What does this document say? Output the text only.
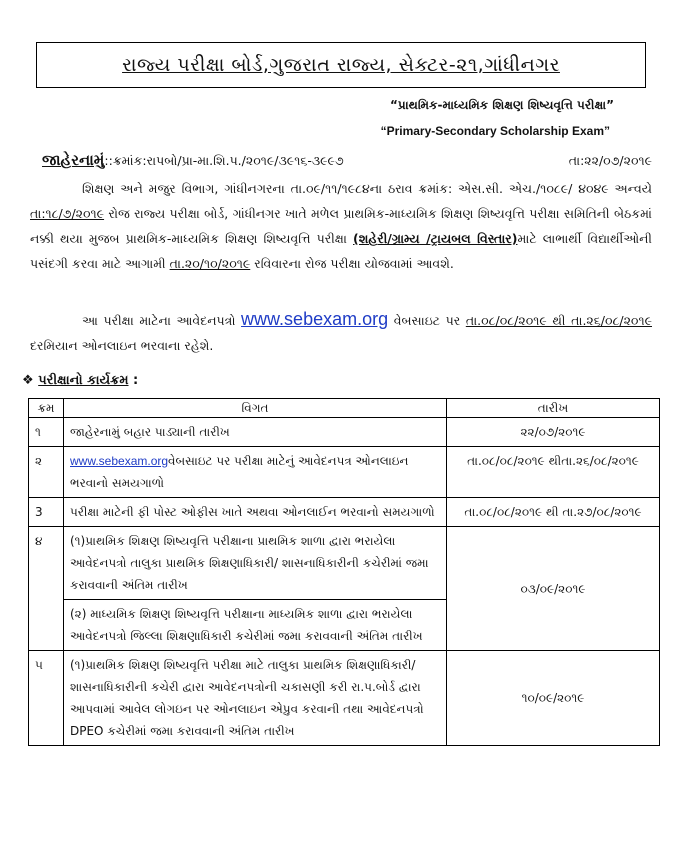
રાજ્ય પરીક્ષા બોર્ડ,ગુજરાત રાજ્ય, સેક્ટર-૨૧,ગાંધીનગર
“પ્રાથમિક-માધ્યમિક શિક્ષણ શિષ્યવૃત્તિ પરીક્ષા”
“Primary-Secondary Scholarship Exam”
જાહેરનામું::ક્રમાંક:રાપબો/પ્રા-મા.શિ.પ./૨૦૧૯/૩૯૧૬-૩૯૯૭	તા:૨૨/૦૭/૨૦૧૯
શિક્ષણ અને મજુર વિભાગ, ગાંધીનગરના તા.૦૯/૧૧/૧૯૮૪ના ઠરાવ ક્રમાંક: એસ.સી. એચ./૧૦૮૯/ ૪૦૪૯ અન્વયે તા:૧૮/૭/૨૦૧૯ રોજ રાજ્ય પરીક્ષા બોર્ડ, ગાંધીનગર ખાતે મળેલ પ્રાથમિક-માધ્યમિક શિક્ષણ શિષ્યવૃત્તિ પરીક્ષા સમિતિની બેઠકમાં નક્કી થયા મુજબ પ્રાથમિક-માધ્યમિક શિક્ષણ શિષ્યવૃત્તિ પરીક્ષા (શહેરી/ગ્રામ્ય /ટ્રાયબલ વિસ્તાર)માટે લાભાર્થી વિદ્યાર્થીઓની પસંદગી કરવા માટે આગામી તા.૨૦/૧૦/૨૦૧૯ રવિવારના રોજ પરીક્ષા યોજવામાં આવશે.
આ પરીક્ષા માટેના આવેદનપત્રો www.sebexam.org વેબસાઇટ પર તા.૦૮/૦૮/૨૦૧૯ થી તા.૨૬/૦૮/૨૦૧૯ દરમિયાન ઓનલાઇન ભરવાના રહેશે.
❖ પરીક્ષાનો કાર્યક્રમ :
ક્રમ	વિગત	તારીખ
૧	જાહેરનામું બહાર પાડ્યાની તારીખ	૨૨/૦૭/૨૦૧૯
૨	www.sebexam.orgવેબસાઇટ પર પરીક્ષા માટેનું આવેદનપત્ર ઓનલાઇન ભરવાનો સમયગાળો	તા.૦૮/૦૮/૨૦૧૯ થીતા.૨૬/૦૮/૨૦૧૯
3	પરીક્ષા માટેની ફી પોસ્ટ ઓફીસ ખાતે અથવા ઓનલાઈન ભરવાનો સમયગાળો	તા.૦૮/૦૮/૨૦૧૯ થી તા.૨૭/૦૮/૨૦૧૯
૪	(૧)પ્રાથમિક શિક્ષણ શિષ્યવૃત્તિ પરીક્ષાના પ્રાથમિક શાળા દ્વારા ભરાયેલા આવેદનપત્રો તાલુકા પ્રાથમિક શિક્ષણાધિકારી/ શાસનાધિકારીની કચેરીમાં જમા કરાવવાની અંતિમ તારીખ	૦૩/૦૯/૨૦૧૯
	(૨) માધ્યમિક શિક્ષણ શિષ્યવૃત્તિ પરીક્ષાના માધ્યમિક શાળા દ્વારા ભરાયેલા આવેદનપત્રો જિલ્લા શિક્ષણાધિકારી કચેરીમાં જમા કરાવવાની અંતિમ તારીખ	
૫	(૧)પ્રાથમિક શિક્ષણ શિષ્યવૃત્તિ પરીક્ષા માટે તાલુકા પ્રાથમિક શિક્ષણાધિકારી/શાસનાધિકારીની કચેરી દ્વારા આવેદનપત્રોની ચકાસણી કરી રા.પ.બોર્ડ દ્વારા આપવામાં આવેલ લોગઇન પર ઓનલાઇન એપ્રુવ કરવાની તથા આવેદનપત્રો DPEO કચેરીમાં જમા કરાવવાની અંતિમ તારીખ	૧૦/૦૯/૨૦૧૯
